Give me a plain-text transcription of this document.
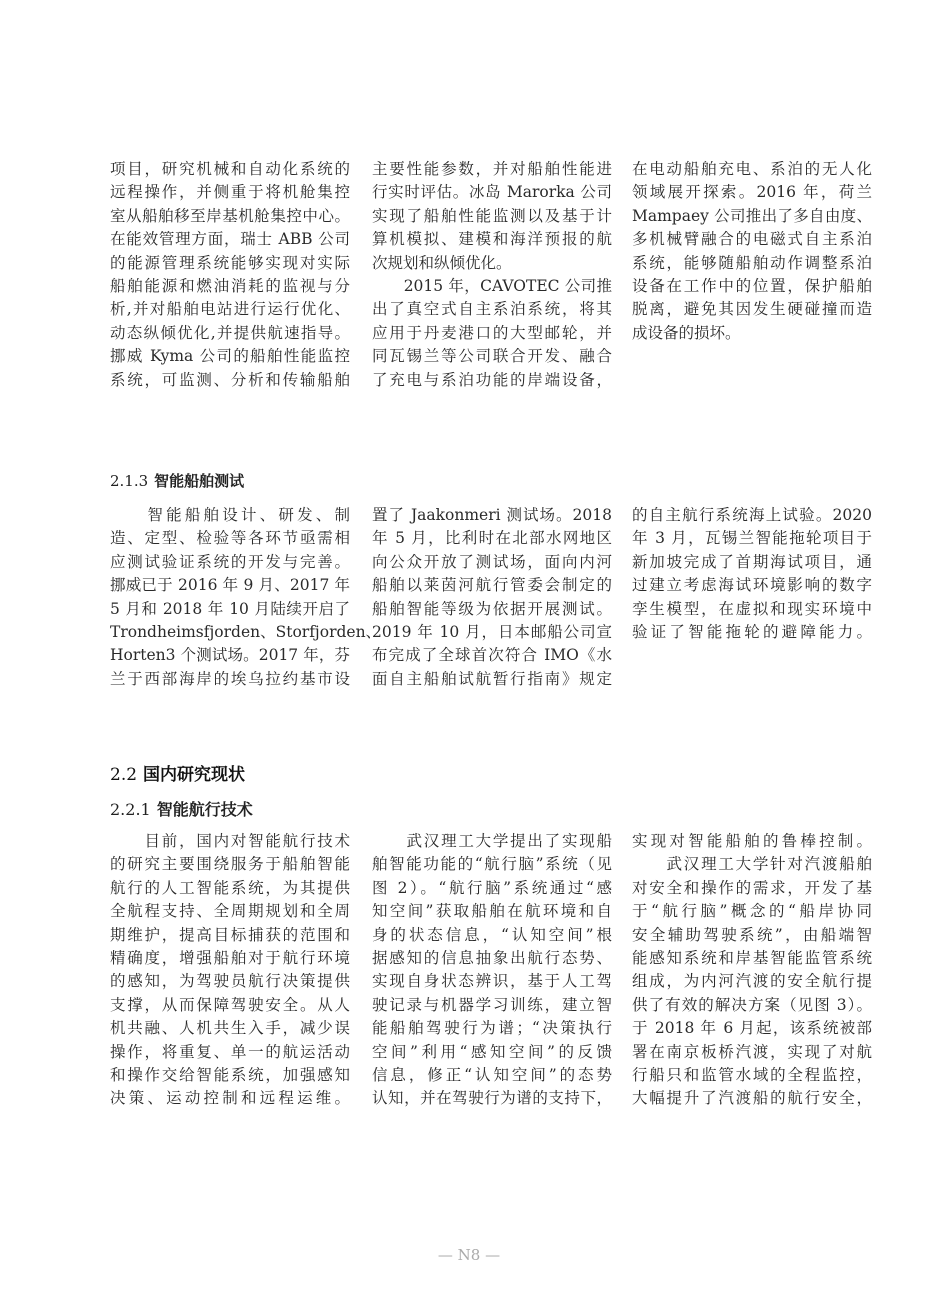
项目，研究机械和自动化系统的
远程操作，并侧重于将机舱集控
室从船舶移至岸基机舱集控中心。
在能效管理方面，瑞士 ABB 公司
的能源管理系统能够实现对实际
船舶能源和燃油消耗的监视与分
析,并对船舶电站进行运行优化、
动态纵倾优化,并提供航速指导。
挪威 Kyma 公司的船舶性能监控
系统，可监测、分析和传输船舶
主要性能参数，并对船舶性能进
行实时评估。冰岛 Marorka 公司
实现了船舶性能监测以及基于计
算机模拟、建模和海洋预报的航
次规划和纵倾优化。
　　2015 年，CAVOTEC 公司推
出了真空式自主系泊系统，将其
应用于丹麦港口的大型邮轮，并
同瓦锡兰等公司联合开发、融合
了充电与系泊功能的岸端设备，
在电动船舶充电、系泊的无人化
领域展开探索。2016 年，荷兰
Mampaey 公司推出了多自由度、
多机械臂融合的电磁式自主系泊
系统，能够随船舶动作调整系泊
设备在工作中的位置，保护船舶
脱离，避免其因发生硬碰撞而造
成设备的损坏。
2.1.3 智能船舶测试
　　智能船舶设计、研发、制
造、定型、检验等各环节亟需相
应测试验证系统的开发与完善。
挪威已于 2016 年 9 月、2017 年
5 月和 2018 年 10 月陆续开启了
Trondheimsfjorden、Storfjorden、
Horten3 个测试场。2017 年，芬
兰于西部海岸的埃乌拉约基市设
置了 Jaakonmeri 测试场。2018
年 5 月，比利时在北部水网地区
向公众开放了测试场，面向内河
船舶以莱茵河航行管委会制定的
船舶智能等级为依据开展测试。
2019 年 10 月，日本邮船公司宣
布完成了全球首次符合 IMO《水
面自主船舶试航暂行指南》规定
的自主航行系统海上试验。2020
年 3 月，瓦锡兰智能拖轮项目于
新加坡完成了首期海试项目，通
过建立考虑海试环境影响的数字
孪生模型，在虚拟和现实环境中
验证了智能拖轮的避障能力。
2.2 国内研究现状
2.2.1 智能航行技术
　　目前，国内对智能航行技术
的研究主要围绕服务于船舶智能
航行的人工智能系统，为其提供
全航程支持、全周期规划和全周
期维护，提高目标捕获的范围和
精确度，增强船舶对于航行环境
的感知，为驾驶员航行决策提供
支撑，从而保障驾驶安全。从人
机共融、人机共生入手，减少误
操作，将重复、单一的航运活动
和操作交给智能系统，加强感知
决策、运动控制和远程运维。
　　武汉理工大学提出了实现船
舶智能功能的“航行脑”系统（见
图 2）。“航行脑”系统通过“感
知空间”获取船舶在航环境和自
身的状态信息，“认知空间”根
据感知的信息抽象出航行态势、
实现自身状态辨识，基于人工驾
驶记录与机器学习训练，建立智
能船舶驾驶行为谱；“决策执行
空间”利用“感知空间”的反馈
信息，修正“认知空间”的态势
认知，并在驾驶行为谱的支持下，
实现对智能船舶的鲁棒控制。
　　武汉理工大学针对汽渡船舶
对安全和操作的需求，开发了基
于“航行脑”概念的“船岸协同
安全辅助驾驶系统”，由船端智
能感知系统和岸基智能监管系统
组成，为内河汽渡的安全航行提
供了有效的解决方案（见图 3）。
于 2018 年 6 月起，该系统被部
署在南京板桥汽渡，实现了对航
行船只和监管水域的全程监控，
大幅提升了汽渡船的航行安全，
— N8 —
